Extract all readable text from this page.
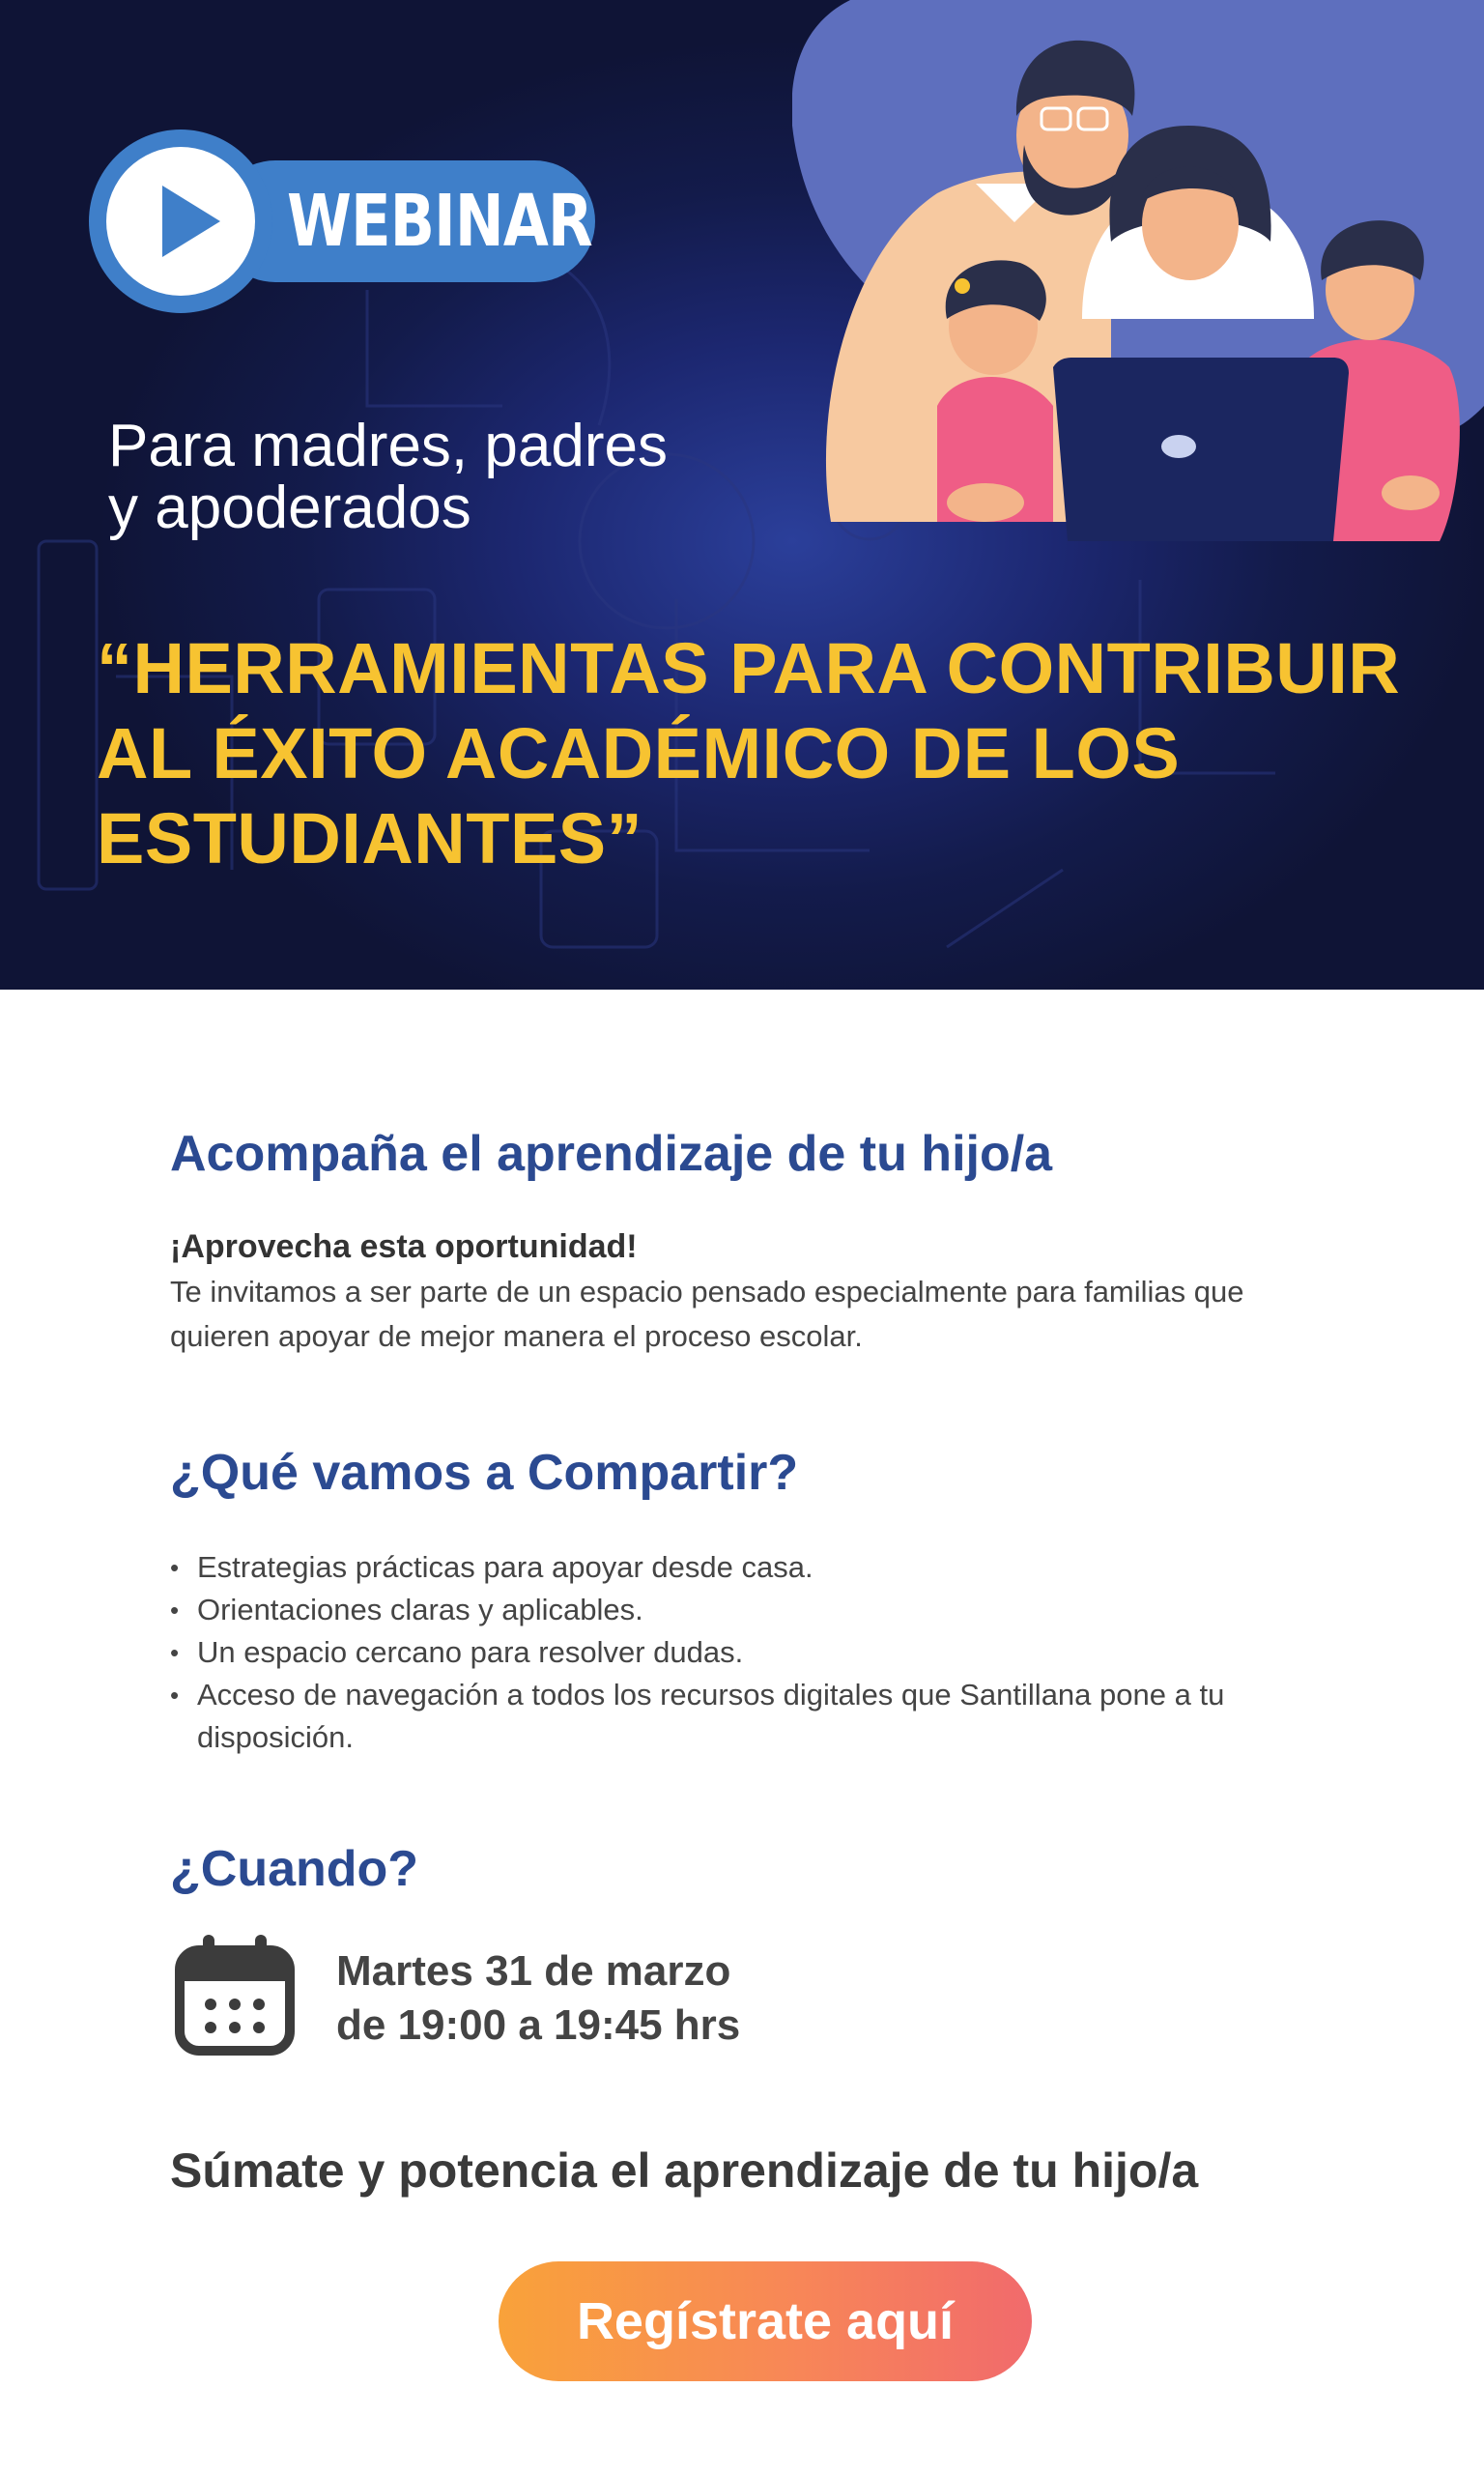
WEBINAR
Para madres, padres
y apoderados
“HERRAMIENTAS PARA CONTRIBUIR
AL ÉXITO ACADÉMICO DE LOS
ESTUDIANTES”
Acompaña el aprendizaje de tu hijo/a

¡Aprovecha esta oportunidad!

Te invitamos a ser parte de un espacio pensado especialmente para familias que
quieren apoyar de mejor manera el proceso escolar.
¿Qué vamos a Compartir?
• Estrategias prácticas para apoyar desde casa.
• Orientaciones claras y aplicables.
• Un espacio cercano para resolver dudas.
• Acceso de navegación a todos los recursos digitales que Santillana pone a tu
disposición.
¿Cuando?
Martes 31 de marzo
de 19:00 a 19:45 hrs
Súmate y potencia el aprendizaje de tu hijo/a
Regístrate aquí
